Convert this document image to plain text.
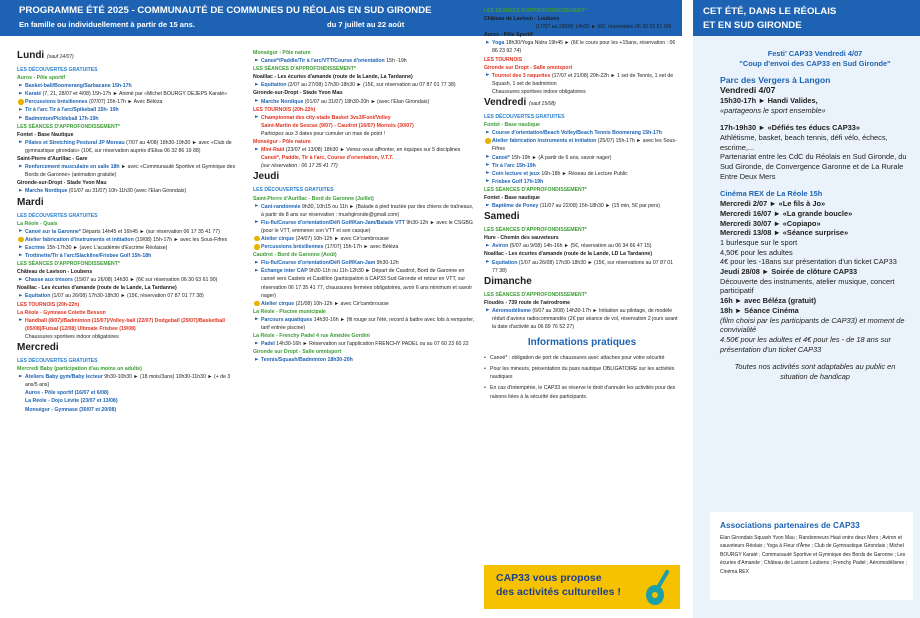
PROGRAMME ÉTÉ 2025 - COMMUNAUTÉ DE COMMUNES DU RÉOLAIS EN SUD GIRONDE
En famille ou individuellement à partir de 15 ans.	du 7 juillet au 22 août
Lundi (sauf 14/07)
LES DÉCOUVERTES GRATUITES
Auros - Pôle sportif
Basket-ball/Boomerang/Sarbacane 15h-17h
Karaté (7, 21, 28/07 et 4/08) 15h-17h ► Animé par «Michel BOURGY DEJEPS Karaté»
Percussions brésiliennes (07/07) 15h-17h ► Avec Béléza
Tir à l'arc Tir à l'arc/Spikeball 15h- 19h
Badminton/Pickleball 17h-19h
LES SÉANCES D'APPROFONDISSEMENT*
Fontet - Base Nautique
Pilates et Stretching Postural JP Moreau (7/07 au 4/08) 18h30-19h30 ► avec «Club de gymnastique girondais» (10€, sur réservation auprès d'Elisa 06 32 86 19 88)
Saint-Pierre d'Aurillac - Gare
Renforcement musculaire en salle 18h ► avec «Communauté Sportive et Gymnique des Bords de Garonne» (animation gratuite)
Gironde-sur-Dropt - Stade Yvon Mau
Marche Nordique (01/07 au 31/07) 10h-11h30 (avec l'Elan Girondais)
Mardi
LES DÉCOUVERTES GRATUITES
La Réole - Quais
Canoë sur la Garonne* Départs 14h45 et 16h45 ► (sur réservation 06 17 35 41 77)
Atelier fabrication d'instruments et initiation (19/08) 15h-17h ► avec les Sous-Fifres
Escrime 15h-17h30 ► (avec L'académie d'Escrime Réolaise)
Trottinette/Tir à l'arc/Slackline/Frisbee Golf 15h-18h
LES SÉANCES D'APPROFONDISSEMENT*
Château de Lavison - Loubens
Chasse aux trésors (15/07 au 26/08) 14h30 ► (6€ sur réservation 06 30 63 61 90)
Noaillac - Les écuries d'amande (route de la Lande, La Tardanne)
Equitation (1/07 au 26/08) 17h30-18h30 ► (15€, réservation 07 87 01 77 38)
LES TOURNOIS (20h-22h)
La Réole - Gymnase Colette Besson
Handball (8/07)/Badminton (15/07)/Volley-ball (22/07) Dodgeball (29/07)/Basketball (05/08)/Futsal (12/08) Ultimate Frisbee (19/08)
Chaussures sportives indoor obligatoires
Mercredi
LES DÉCOUVERTES GRATUITES
Mercredi Baby (participation d'au moins un adulte)
Ateliers Baby gym/Baby lecteur 9h30-10h30 ► (18 mois/3ans) 10h30-11h30 ► (+ de 3 ans/5 ans)
Auros - Pôle sportif (16/07 et 6/08)
La Réole - Dojo Lévite (23/07 et 13/08)
Monségur - Gymnase (30/07 et 20/08)
Monségur - Pôle nature
Canoë*/Paddle/Tir à l'arc/VTT/Course d'orientation 15h -19h
LES SÉANCES D'APPROFONDISSEMENT*
Noaillac - Les écuries d'amande (route de la Lande, La Tardanne)
Equitation (2/07 au 27/08) 17h30-18h30 ► (15€, sur réservation au 07 87 01 77 38)
Gironde-sur-Dropt - Stade Yvon Mau
Marche Nordique (01/07 au 31/07) 18h30-20h ► (avec l'Elan Girondais)
LES TOURNOIS (20h-22h)
Championnat des city-stade Basket 3vs3/Foot/Volley
Saint-Martin de Sescas (9/07) - Caudrot (16/07) Morizès (30/07)
Participez aux 3 dates pour cumuler un max de point !
Monségur - Pôle nature
Mini-Raid (23/07 et 13/08) 18h30 ► Venez-vous affronter, en équipes sur 5 disciplines
Canoë*, Paddle, Tir à l'arc, Course d'orientation, V.T.T.
(sur réservation : 06 17 35 41 77)
Jeudi
LES DÉCOUVERTES GRATUITES
Saint-Pierre d'Aurillac - Bord de Garonne (Juillet)
Cani-randonnée 9h30, 10h15 ou 11h ► (Balade à pied tractée par des chiens de traîneaux, à partir de 8 ans sur réservation : mushgironde@gmail.com)
Flu-flu/Course d'orientation/Défi Golf/Kan-Jam/Balade VTT 9h30-12h ► avec le CSGBG (pour le VTT, emmener son VTT et son casque)
Atelier cirque (24/07) 10h-12h ► avec Cir'cambrousse
Percussions brésiliennes (17/07) 15h-17h ► avec Béléza
Caudrot - Bord de Garonne (Août)
Flu-flu/Course d'orientation/Défi Golf/Kan-Jam 9h30-12h
Échange inter CAP 9h30-11h ou 11h-12h30 ► Départ de Caudrot, Bord de Garonne en canoë vers Castets et Castillon (participation à CAP33 Sud Gironde et retour en VTT, sur réservation 06 17 35 41 77, chaussures fermées obligatoires, avoir 6 ans minimum et savoir nager)
Atelier cirque (21/08) 10h-12h ► avec Cir'cambrousse
La Réole - Piscine municipale
Parcours aquatiques 14h30-16h ► (fil rouge sur l'été, record à battre avec lots à remporter, tarif entrée piscine)
La Réole - Frenchy Padel 4 rue Amédée Gordini
Padel 14h30-16h ► Réservation sur l'application FRENCHY PADEL ou au 07 60 23 60 22
Gironde sur Dropt - Salle omnisport
Tennis/Squash/Badminton 18h30-20h
LES SÉANCES D'APPROFONDISSEMENT*
Château de Lavison - Loubens
Chasse au trésor (17/07 au 28/08) 14h30 ► (6€, réservation 06 30 63 61 90)
Auros - Pôle Sportif
Yoga 18h30/Yoga Nidra 19h45 ► (6€ le cours pour les +15ans, réservation : 06 86 23 92 74)
LES TOURNOIS
Gironde sur Dropt - Salle omnisport
Tournoi des 3 raquettes (17/07 et 21/08) 20h-22h ► 1 set de Tennis, 1 set de Squash, 1 set de badminton
Chaussures sportives indoor obligatoires
Vendredi (sauf 15/08)
LES DÉCOUVERTES GRATUITES
Fontet - Base nautique
Course d'orientation/Beach Volley/Beach Tennis Boomerang 15h-17h
Atelier fabrication instruments et initiation (25/07) 15h-17h ► avec les Sous-Fifres
Canoë* 15h-19h ► (À partir de 6 ans, savoir nager)
Tir à l'arc 15h-19h
Coin lecture et jeux 16h-18h ► Réseau de Lecture Public
Frisbee Golf 17h-19h
LES SÉANCES D'APPROFONDISSEMENT*
Fontet - Base nautique
Baptême de Poney (11/07 au 22/08) 15h-18h30 ► (15 min, 5€ par pers)
Samedi
LES SÉANCES D'APPROFONDISSEMENT*
Hure - Chemin des sauveteurs
Aviron (5/07 au 9/08) 14h-16h ► (5€, réservation au 06 34 66 47 15)
Noaillac - Les écuries d'amande (route de la Lande, LD La Tardanne)
Equitation (1/07 au 26/08) 17h30-18h30 ► (15€, sur réservations au 07 87 01 77 38)
Dimanche
LES SÉANCES D'APPROFONDISSEMENT*
Floudès - 739 route de l'aérodrome
Aéromodélisme (6/07 au 3/08) 14h30-17h ► Initiation au pilotage, de modèle réduit d'avions radiocommandés (2€ par séance de vol, réservation 2 jours avant la date d'activité au 06 89 76 52 27)
Informations pratiques

• Canoë* : obligation de port de chaussures avec attaches pour votre sécurité

• Pour les mineurs, présentation du pass nautique OBLIGATOIRE sur les activités nautiques

• En cas d'intempérie, le CAP33 se réserve le droit d'annuler les activités pour des raisons liées à la sécurité des participants.

CAP33 vous propose
des activités culturelles !
CET ÉTÉ, DANS LE RÉOLAIS
ET EN SUD GIRONDE
Festi' CAP33 Vendredi 4/07
"Coup d'envoi des CAP33 en Sud Gironde"
Parc des Vergers à Langon
Vendredi 4/07
15h30-17h ► Handi Valides,
«partageons le sport ensemble»
17h-19h30 ► «Défiés tes éducs CAP33»
Athlétisme, basket, beach tennis, défi vélo, échecs, escrime,...
Partenariat entre les CdC du Réolais en Sud Gironde, du Sud Gironde, de Convergence Garonne et de La Rurale Entre Deux Mers
Cinéma REX de La Réole 15h
Mercredi 2/07 ► «Le fils à Jo»
Mercredi 16/07 ► «La grande boucle»
Mercredi 30/07 ► «Copiapo»
Mercredi 13/08 ► «Séance surprise»
1 burlesque sur le sport
4,50€ pour les adultes
4€ pour les -18ans sur présentation d'un ticket CAP33
Jeudi 28/08 ► Soirée de clôture CAP33
Découverte des instruments, atelier musique, concert participatif
16h ► avec Béléza (gratuit)
18h ► Séance Cinéma
(film choisi par les participants de CAP33) et moment de convivialité
4.50€ pour les adultes et 4€ pour les - de 18 ans sur présentation d'un ticket CAP33
Toutes nos activités sont adaptables au public en situation de handicap
Associations partenaires de CAP33
Elan Girondais Squash Yvon Mau ; Randonneurs Haut entre deux Mers ; Aviron et sauveteurs Réolais ; Yoga à Fleur d'Âme ; Club de Gymnastique Girondais ; Michel BOURGY Karaté ; Communauté Sportive et Gymnique des Bords de Garonne ; Les écuries d'Amande ; Château de Lavison Loubens ; Frenchy Padel ; Aéromodélisme ; Cinéma REX
